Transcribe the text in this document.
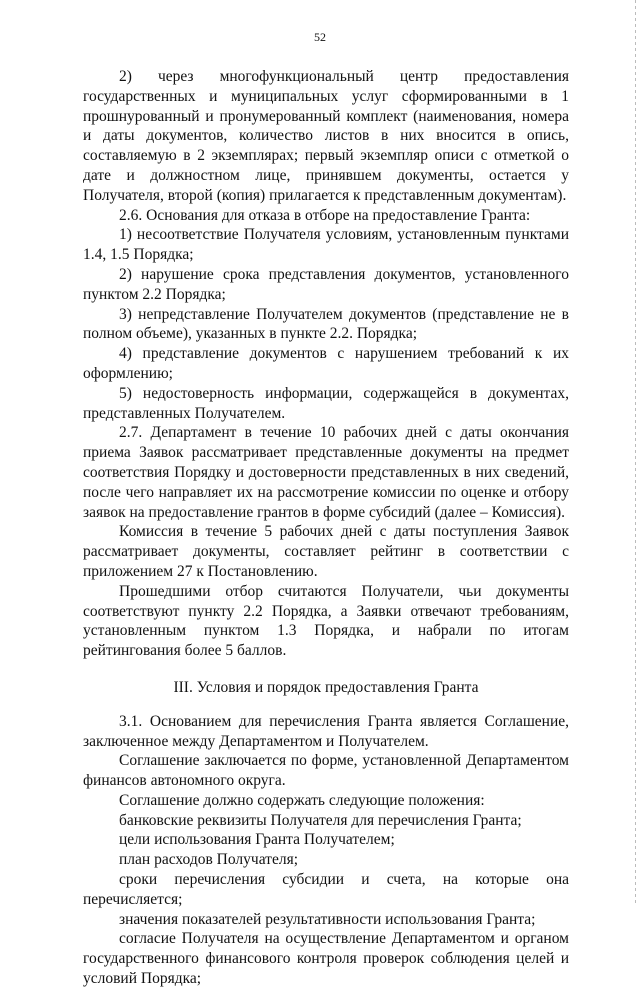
52

2) через многофункциональный центр предоставления государственных и муниципальных услуг сформированными в 1 прошнурованный и пронумерованный комплект (наименования, номера и даты документов, количество листов в них вносится в опись, составляемую в 2 экземплярах; первый экземпляр описи с отметкой о дате и должностном лице, принявшем документы, остается у Получателя, второй (копия) прилагается к представленным документам).

2.6. Основания для отказа в отборе на предоставление Гранта:

1) несоответствие Получателя условиям, установленным пунктами 1.4, 1.5 Порядка;

2) нарушение срока представления документов, установленного пунктом 2.2 Порядка;

3) непредставление Получателем документов (представление не в полном объеме), указанных в пункте 2.2. Порядка;

4) представление документов с нарушением требований к их оформлению;

5) недостоверность информации, содержащейся в документах, представленных Получателем.

2.7. Департамент в течение 10 рабочих дней с даты окончания приема Заявок рассматривает представленные документы на предмет соответствия Порядку и достоверности представленных в них сведений, после чего направляет их на рассмотрение комиссии по оценке и отбору заявок на предоставление грантов в форме субсидий (далее – Комиссия).

Комиссия в течение 5 рабочих дней с даты поступления Заявок рассматривает документы, составляет рейтинг в соответствии с приложением 27 к Постановлению.

Прошедшими отбор считаются Получатели, чьи документы соответствуют пункту 2.2 Порядка, а Заявки отвечают требованиям, установленным пунктом 1.3 Порядка, и набрали по итогам рейтингования более 5 баллов.

III. Условия и порядок предоставления Гранта

3.1. Основанием для перечисления Гранта является Соглашение, заключенное между Департаментом и Получателем.

Соглашение заключается по форме, установленной Департаментом финансов автономного округа.

Соглашение должно содержать следующие положения:

банковские реквизиты Получателя для перечисления Гранта;

цели использования Гранта Получателем;

план расходов Получателя;

сроки перечисления субсидии и счета, на которые она перечисляется;

значения показателей результативности использования Гранта;

согласие Получателя на осуществление Департаментом и органом государственного финансового контроля проверок соблюдения целей и условий Порядка;
